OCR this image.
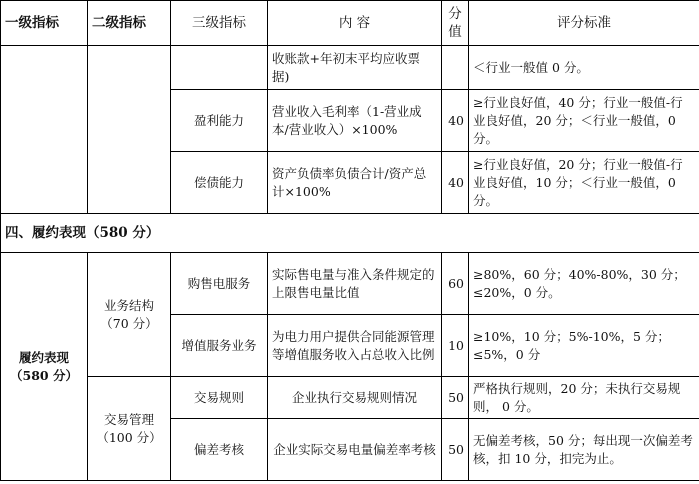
一级指标	二级指标	三级指标	内 容	分值	评分标准
			收账款+年初末平均应收票据)		＜行业一般值 0 分。
		盈利能力	营业收入毛利率（1-营业成本/营业收入）×100%	40	≥行业良好值，40 分；行业一般值-行业良好值，20 分；＜行业一般值，0 分。
		偿债能力	资产负债率负债合计/资产总计×100%	40	≥行业良好值，20 分；行业一般值-行业良好值，10 分；＜行业一般值，0 分。
四、履约表现（580 分）					
履约表现（580 分）	业务结构（70 分）	购售电服务	实际售电量与准入条件规定的上限售电量比值	60	≥80%，60 分；40%-80%，30 分；≤20%，0 分。
		增值服务业务	为电力用户提供合同能源管理等增值服务收入占总收入比例	10	≥10%，10 分；5%-10%，5 分；≤5%，0 分
	交易管理（100 分）	交易规则	企业执行交易规则情况	50	严格执行规则，20 分；未执行交易规则， 0 分。
		偏差考核	企业实际交易电量偏差率考核	50	无偏差考核，50 分；每出现一次偏差考核，扣 10 分，扣完为止。
